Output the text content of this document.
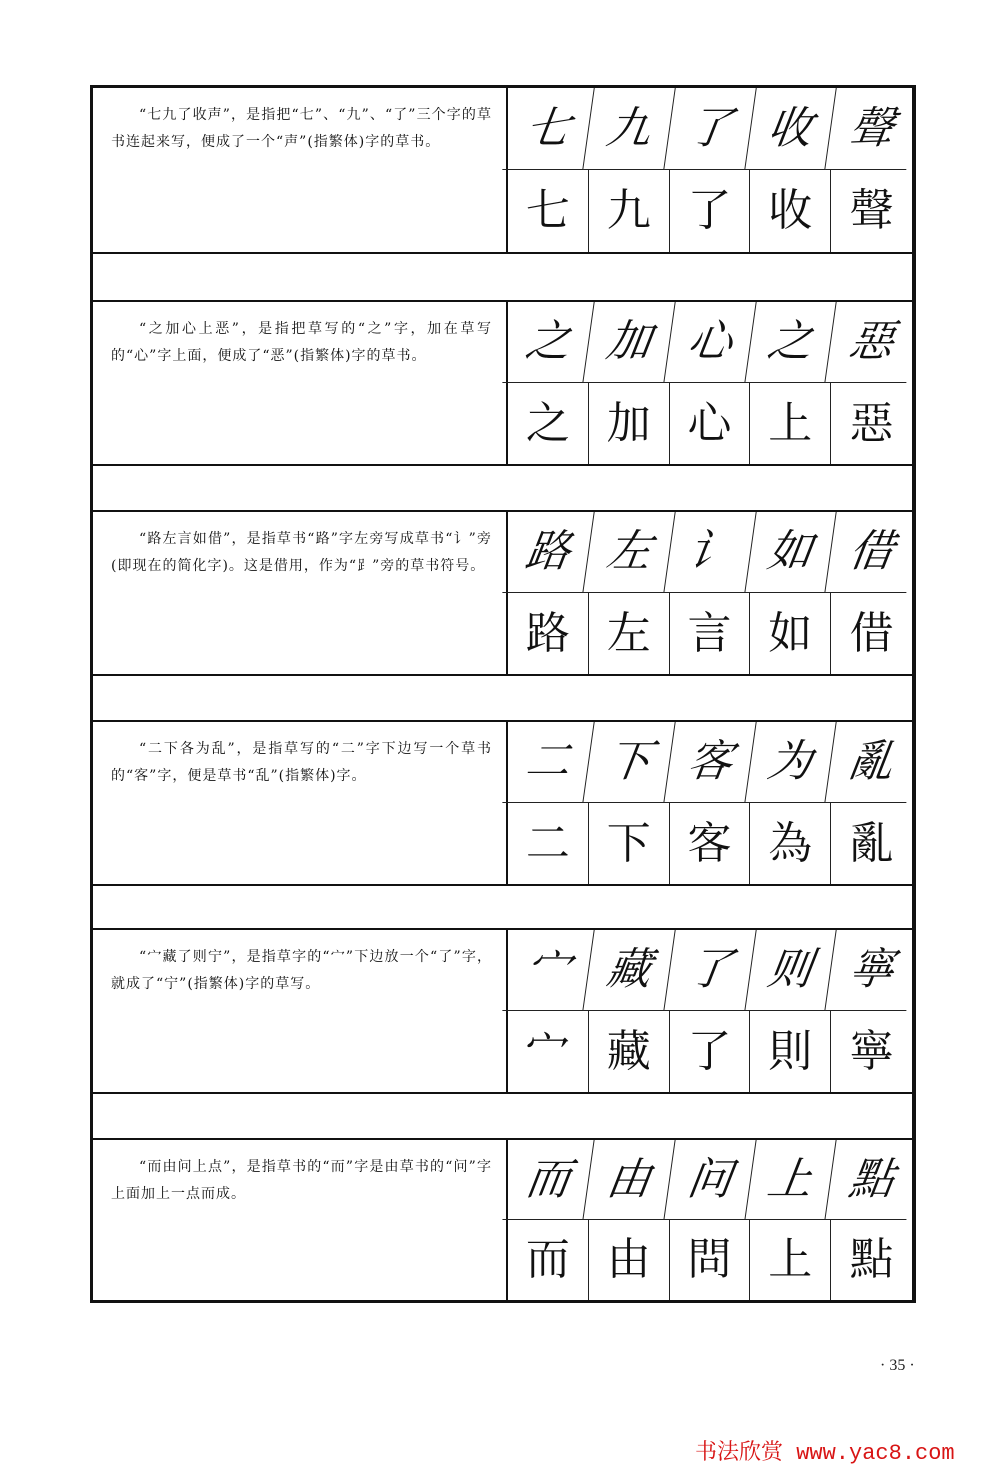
“七九了收声”，是指把“七”、“九”、“了”三个字的草书连起来写，便成了一个“声”(指繁体)字的草书。	七 九 了 收 聲
七 九 了 收 聲
“之加心上恶”，是指把草写的“之”字，加在草写的“心”字上面，便成了“恶”(指繁体)字的草书。	之 加 心 之 惡
之 加 心 上 惡
“路左言如借”，是指草书“路”字左旁写成草书“讠”旁(即现在的简化字)。这是借用，作为“⻊”旁的草书符号。 路 左 讠 如 借
路 左 言 如 借
“二下各为乱”，是指草写的“二”字下边写一个草书的“客”字，便是草书“乱”(指繁体)字。	二 下 客 为 亂
二 下 客 為 亂
“宀藏了则宁”，是指草字的“宀”下边放一个“了”字，就成了“宁”(指繁体)字的草写。	宀 藏 了 则 寧
宀 藏 了 則 寧
“而由问上点”，是指草书的“而”字是由草书的“问”字上面加上一点而成。	而 由 问 上 點
而 由 問 上 點
· 35 ·
书法欣赏 www.yac8.com
